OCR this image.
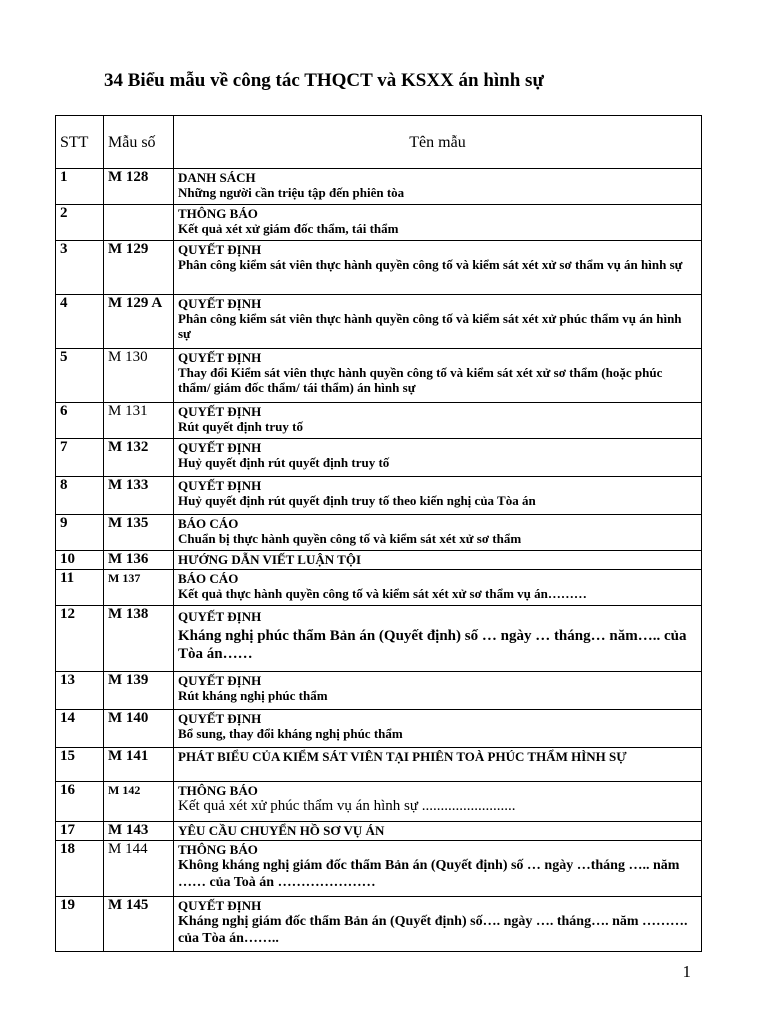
34 Biểu mẫu về công tác THQCT và KSXX án hình sự
STT	Mẫu số	Tên mẫu
1	M 128	DANH SÁCH
Những người cần triệu tập đến phiên tòa

2		THÔNG BÁO
Kết quả xét xử giám đốc thẩm, tái thẩm

3	M 129	QUYẾT ĐỊNH
Phân công kiểm sát viên thực hành quyền công tố và kiểm sát xét xử sơ thẩm vụ án hình sự

4	M 129 A	QUYẾT ĐỊNH
Phân công kiểm sát viên thực hành quyền công tố và kiểm sát xét xử phúc thẩm vụ án hình sự

5	M 130	QUYẾT ĐỊNH
Thay đổi Kiểm sát viên thực hành quyền công tố và kiểm sát xét xử sơ thẩm (hoặc phúc thẩm/ giám đốc thẩm/ tái thẩm) án hình sự

6	M 131	QUYẾT ĐỊNH
Rút quyết định truy tố

7	M 132	QUYẾT ĐỊNH
Huỷ quyết định rút quyết định truy tố

8	M 133	QUYẾT ĐỊNH
Huỷ quyết định rút quyết định truy tố theo kiến nghị của Tòa án

9	M 135	BÁO CÁO
Chuẩn bị thực hành quyền công tố và kiểm sát xét xử sơ thẩm

10	M 136	HƯỚNG DẪN VIẾT LUẬN TỘI

11	M 137	BÁO CÁO
Kết quả thực hành quyền công tố và kiểm sát xét xử sơ thẩm vụ án………

12	M 138	QUYẾT ĐỊNH
Kháng nghị phúc thẩm Bản án (Quyết định) số … ngày … tháng… năm….. của Tòa án……

13	M 139	QUYẾT ĐỊNH
Rút kháng nghị phúc thẩm

14	M 140	QUYẾT ĐỊNH
Bổ sung, thay đổi kháng nghị phúc thẩm

15	M 141	PHÁT BIỂU CỦA KIỂM SÁT VIÊN TẠI PHIÊN TOÀ PHÚC THẨM HÌNH SỰ

16	M 142	THÔNG BÁO
Kết quả xét xử phúc thẩm vụ án hình sự .........................

17	M 143	YÊU CẦU CHUYỂN HỒ SƠ VỤ ÁN

18	M 144	THÔNG BÁO
Không kháng nghị giám đốc thẩm Bản án (Quyết định) số … ngày …tháng ….. năm …… của Toà án …………………

19	M 145	QUYẾT ĐỊNH
Kháng nghị giám đốc thẩm Bản án (Quyết định) số…. ngày …. tháng…. năm ………. của Tòa án……..

1
